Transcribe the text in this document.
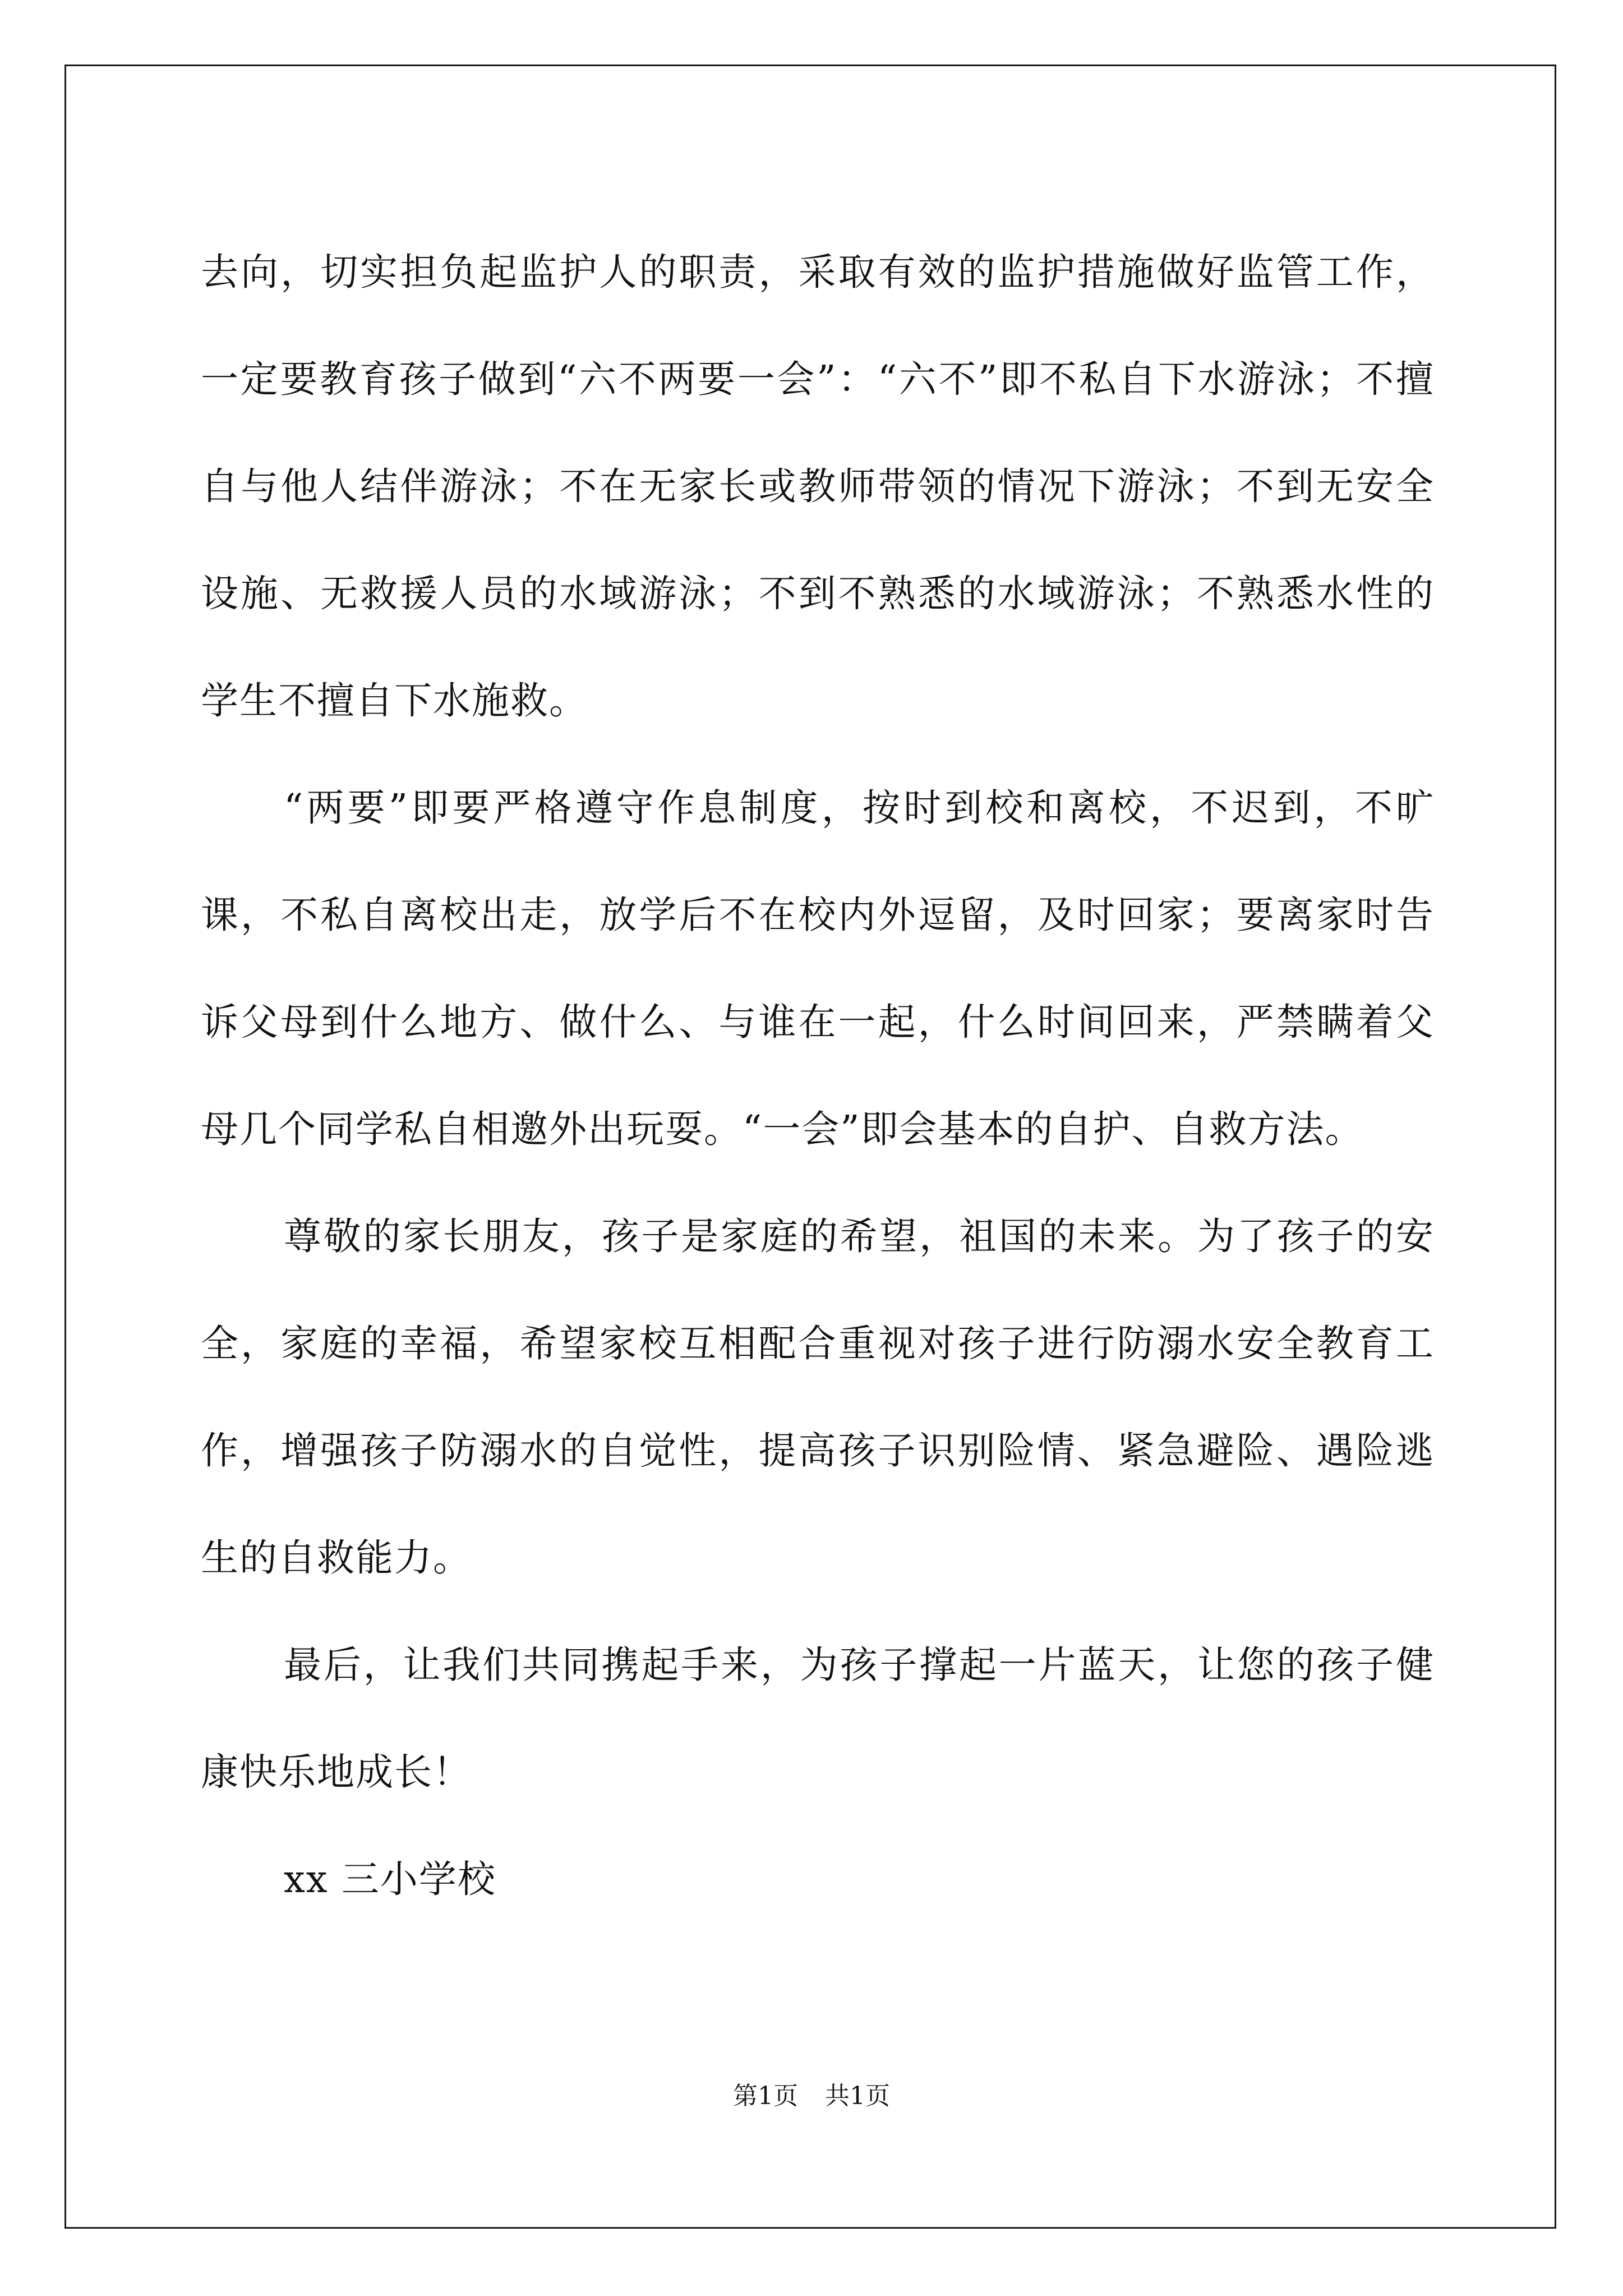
去向，切实担负起监护人的职责，采取有效的监护措施做好监管工作，一定要教育孩子做到“六不两要一会”：“六不”即不私自下水游泳；不擅自与他人结伴游泳；不在无家长或教师带领的情况下游泳；不到无安全设施、无救援人员的水域游泳；不到不熟悉的水域游泳；不熟悉水性的学生不擅自下水施救。

“两要”即要严格遵守作息制度，按时到校和离校，不迟到，不旷课，不私自离校出走，放学后不在校内外逗留，及时回家；要离家时告诉父母到什么地方、做什么、与谁在一起，什么时间回来，严禁瞒着父母几个同学私自相邀外出玩耍。“一会”即会基本的自护、自救方法。

尊敬的家长朋友，孩子是家庭的希望，祖国的未来。为了孩子的安全，家庭的幸福，希望家校互相配合重视对孩子进行防溺水安全教育工作，增强孩子防溺水的自觉性，提高孩子识别险情、紧急避险、遇险逃生的自救能力。

最后，让我们共同携起手来，为孩子撑起一片蓝天，让您的孩子健康快乐地成长！

xx 三小学校

第1页 共1页
